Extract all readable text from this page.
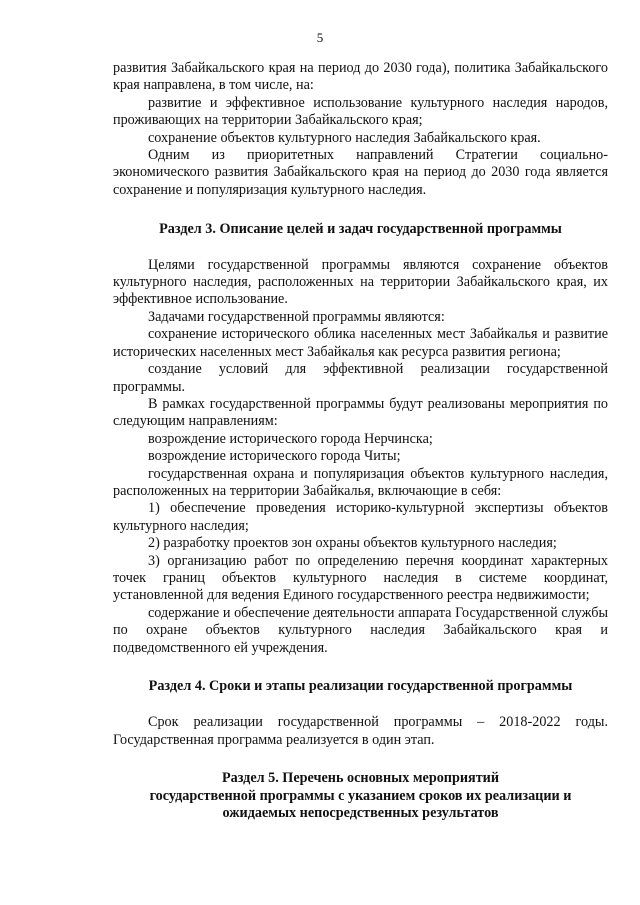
5

развития Забайкальского края на период до 2030 года), политика Забайкальского края направлена, в том числе, на:

развитие и эффективное использование культурного наследия народов, проживающих на территории Забайкальского края;

сохранение объектов культурного наследия Забайкальского края.

Одним из приоритетных направлений Стратегии социально-экономического развития Забайкальского края на период до 2030 года является сохранение и популяризация культурного наследия.

Раздел 3. Описание целей и задач государственной программы

Целями государственной программы являются сохранение объектов культурного наследия, расположенных на территории Забайкальского края, их эффективное использование.

Задачами государственной программы являются:

сохранение исторического облика населенных мест Забайкалья и развитие исторических населенных мест Забайкалья как ресурса развития региона;

создание условий для эффективной реализации государственной программы.

В рамках государственной программы будут реализованы мероприятия по следующим направлениям:

возрождение исторического города Нерчинска;

возрождение исторического города Читы;

государственная охрана и популяризация объектов культурного наследия, расположенных на территории Забайкалья, включающие в себя:

1) обеспечение проведения историко-культурной экспертизы объектов культурного наследия;

2) разработку проектов зон охраны объектов культурного наследия;

3) организацию работ по определению перечня координат характерных точек границ объектов культурного наследия в системе координат, установленной для ведения Единого государственного реестра недвижимости;

содержание и обеспечение деятельности аппарата Государственной службы по охране объектов культурного наследия Забайкальского края и подведомственного ей учреждения.

Раздел 4. Сроки и этапы реализации государственной программы

Срок реализации государственной программы – 2018-2022 годы. Государственная программа реализуется в один этап.

Раздел 5. Перечень основных мероприятий
государственной программы с указанием сроков их реализации и
ожидаемых непосредственных результатов
